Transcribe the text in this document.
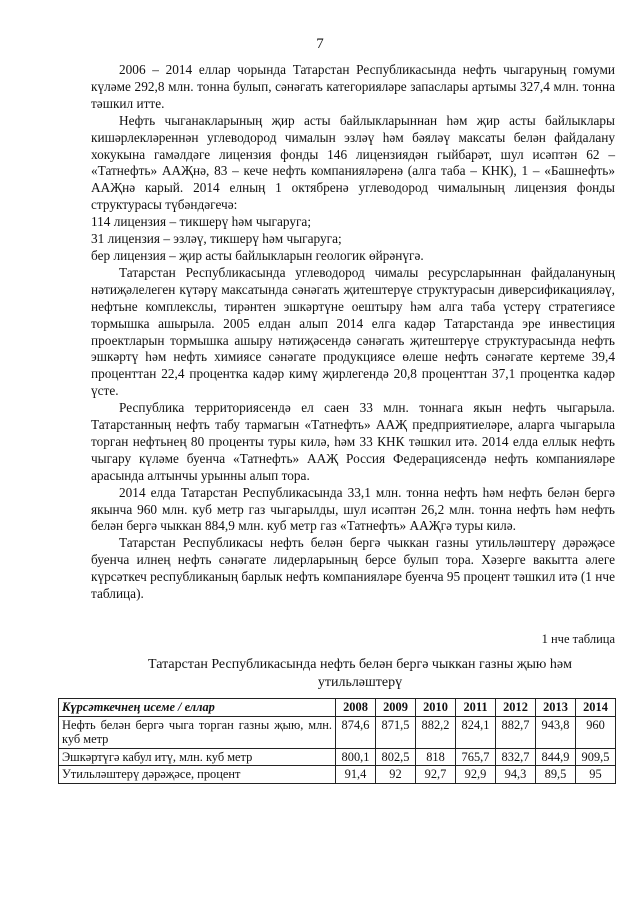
7

2006 – 2014 еллар чорында Татарстан Республикасында нефть чыгаруның гомуми күләме 292,8 млн. тонна булып, сәнәгать категорияләре запаслары артымы 327,4 млн. тонна тәшкил итте.

Нефть чыганакларының җир асты байлыкларыннан һәм җир асты байлыклары кишәрлекләреннән углеводород чималын эзләү һәм бәяләү максаты белән файдалану хокукына гамәлдәге лицензия фонды 146 лицензиядән гыйбарәт, шул исәптән 62 – «Татнефть» ААҖнә, 83 – кече нефть компанияләренә (алга таба – КНК), 1 – «Башнефть» ААҖнә карый. 2014 елның 1 октябренә углеводород чималының лицензия фонды структурасы түбәндәгечә:

114 лицензия – тикшерү һәм чыгаруга;

31 лицензия – эзләү, тикшерү һәм чыгаруга;

бер лицензия – җир асты байлыкларын геологик өйрәнүгә.

Татарстан Республикасында углеводород чималы ресурсларыннан файдалануның нәтиҗәлелеген күтәрү максатында сәнәгать җитештерүе структурасын диверсификацияләү, нефтьне комплекслы, тирәнтен эшкәртүне оештыру һәм алга таба үстерү стратегиясе тормышка ашырыла. 2005 елдан алып 2014 елга кадәр Татарстанда эре инвестиция проектларын тормышка ашыру нәтиҗәсендә сәнәгать җитештерүе структурасында нефть эшкәртү һәм нефть химиясе сәнәгате продукциясе өлеше нефть сәнәгате кертеме 39,4 проценттан 22,4 процентка кадәр кимү җирлегендә 20,8 проценттан 37,1 процентка кадәр үсте.

Республика территориясендә ел саен 33 млн. тоннага якын нефть чыгарыла. Татарстанның нефть табу тармагын «Татнефть» ААҖ предприятиеләре, аларга чыгарыла торган нефтьнең 80 проценты туры килә, һәм 33 КНК тәшкил итә. 2014 елда еллык нефть чыгару күләме буенча «Татнефть» ААҖ Россия Федерациясендә нефть компанияләре арасында алтынчы урынны алып тора.

2014 елда Татарстан Республикасында 33,1 млн. тонна нефть һәм нефть белән бергә якынча 960 млн. куб метр газ чыгарылды, шул исәптән 26,2 млн. тонна нефть һәм нефть белән бергә чыккан 884,9 млн. куб метр газ «Татнефть» ААҖгә туры килә.

Татарстан Республикасы нефть белән бергә чыккан газны утильләштерү дәрәҗәсе буенча илнең нефть сәнәгате лидерларының берсе булып тора. Хәзерге вакытта әлеге күрсәткеч республиканың барлык нефть компанияләре буенча 95 процент тәшкил итә (1 нче таблица).

1 нче таблица
Татарстан Республикасында нефть белән бергә чыккан газны җыю һәм утильләштерү
Күрсәткечнең исеме / еллар	2008	2009	2010	2011	2012	2013	2014
Нефть белән бергә чыга торган газны җыю, млн. куб метр	874,6	871,5	882,2	824,1	882,7	943,8	960
Эшкәртүгә кабул итү, млн. куб метр	800,1	802,5	818	765,7	832,7	844,9	909,5
Утильләштерү дәрәҗәсе, процент	91,4	92	92,7	92,9	94,3	89,5	95
